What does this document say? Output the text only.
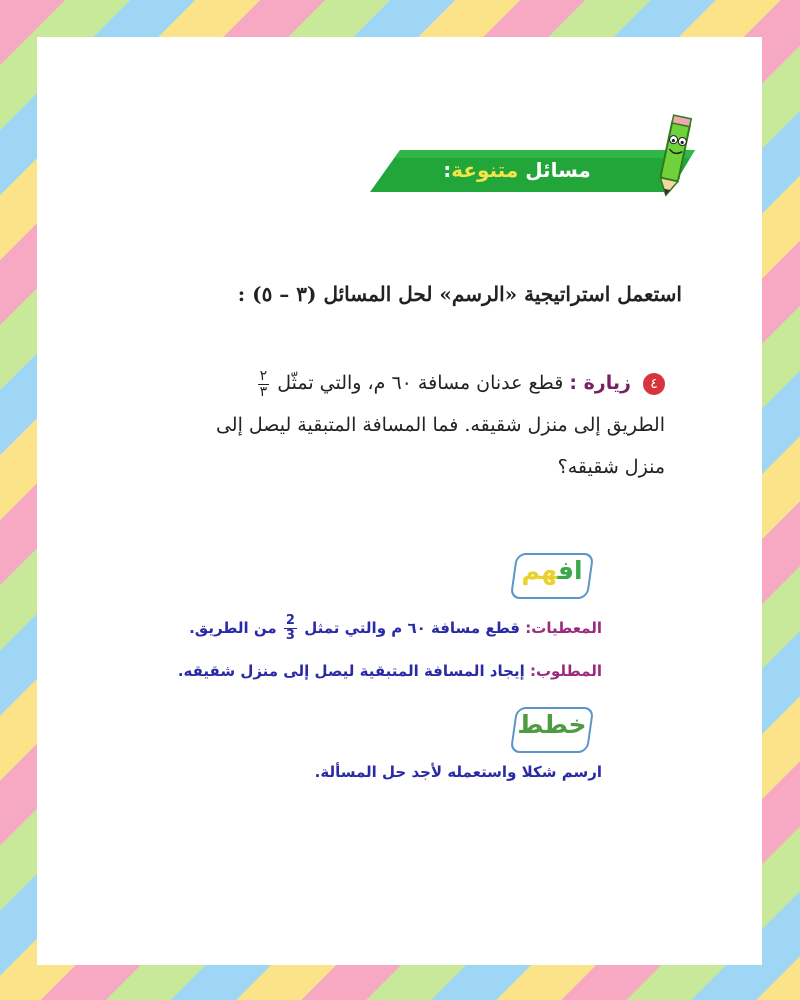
مسائل متنوعة:
استعمل استراتيجية «الرسم» لحل المسائل (٣ – ٥) :
٤ زيارة : قطع عدنان مسافة ٦٠ م، والتي تمثّل
$\frac{٢}{٣}$
الطريق إلى منزل شقيقه. فما المسافة المتبقية ليصل إلى منزل شقيقه؟
افهم
المعطيات: قطع مسافة ٦٠ م والتي تمثل
$\frac{2}{3}$
من الطريق.
المطلوب: إيجاد المسافة المتبقية ليصل إلى منزل شقيقه.
خطط
ارسم شكلا واستعمله لأجد حل المسألة.
